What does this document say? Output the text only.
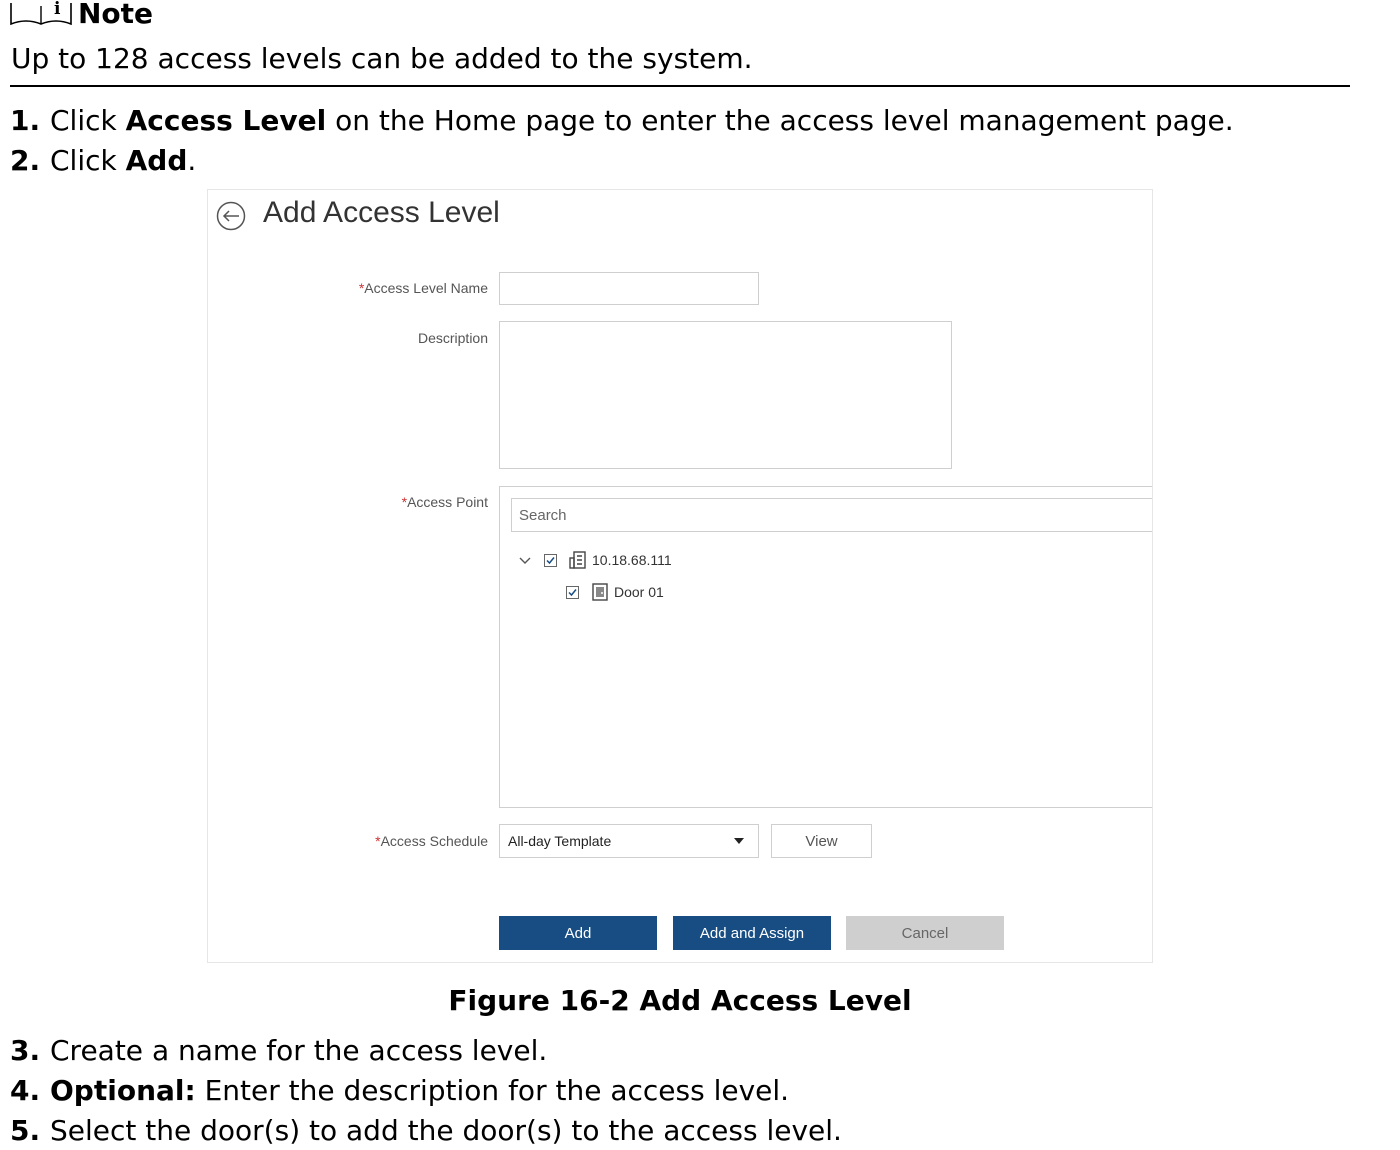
i Note
Up to 128 access levels can be added to the system.
1. Click Access Level on the Home page to enter the access level management page.
2. Click Add.
Add Access Level
*Access Level Name
Description
*Access Point
Search
10.18.68.111
Door 01
*Access Schedule All-day Template	View
Add	Add and Assign	Cancel
Figure 16-2 Add Access Level
3. Create a name for the access level.
4. Optional: Enter the description for the access level.
5. Select the door(s) to add the door(s) to the access level.
